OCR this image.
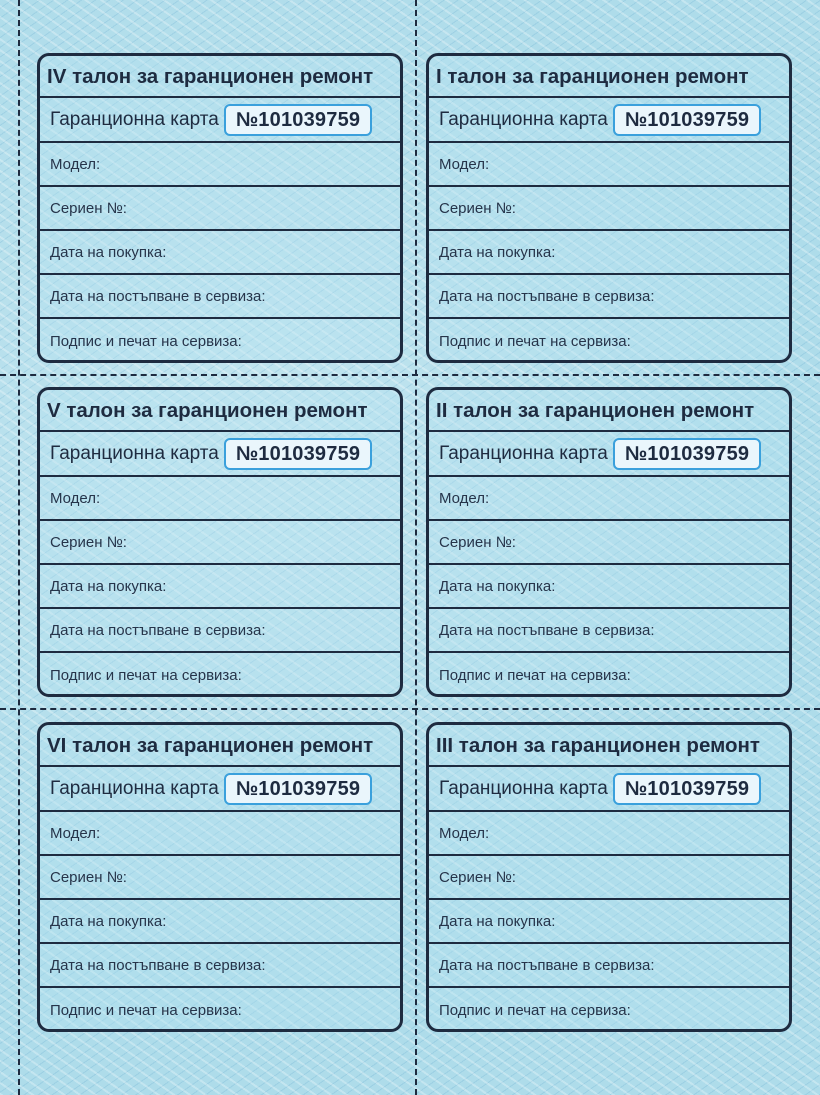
IV талон за гаранционен ремонт
Гаранционна карта №101039759
Модел:
Сериен №:
Дата на покупка:
Дата на постъпване в сервиза:
Подпис и печат на сервиза:
I талон за гаранционен ремонт
Гаранционна карта №101039759
Модел:
Сериен №:
Дата на покупка:
Дата на постъпване в сервиза:
Подпис и печат на сервиза:
V талон за гаранционен ремонт
Гаранционна карта №101039759
Модел:
Сериен №:
Дата на покупка:
Дата на постъпване в сервиза:
Подпис и печат на сервиза:
II талон за гаранционен ремонт
Гаранционна карта №101039759
Модел:
Сериен №:
Дата на покупка:
Дата на постъпване в сервиза:
Подпис и печат на сервиза:
VI талон за гаранционен ремонт
Гаранционна карта №101039759
Модел:
Сериен №:
Дата на покупка:
Дата на постъпване в сервиза:
Подпис и печат на сервиза:
III талон за гаранционен ремонт
Гаранционна карта №101039759
Модел:
Сериен №:
Дата на покупка:
Дата на постъпване в сервиза:
Подпис и печат на сервиза:
